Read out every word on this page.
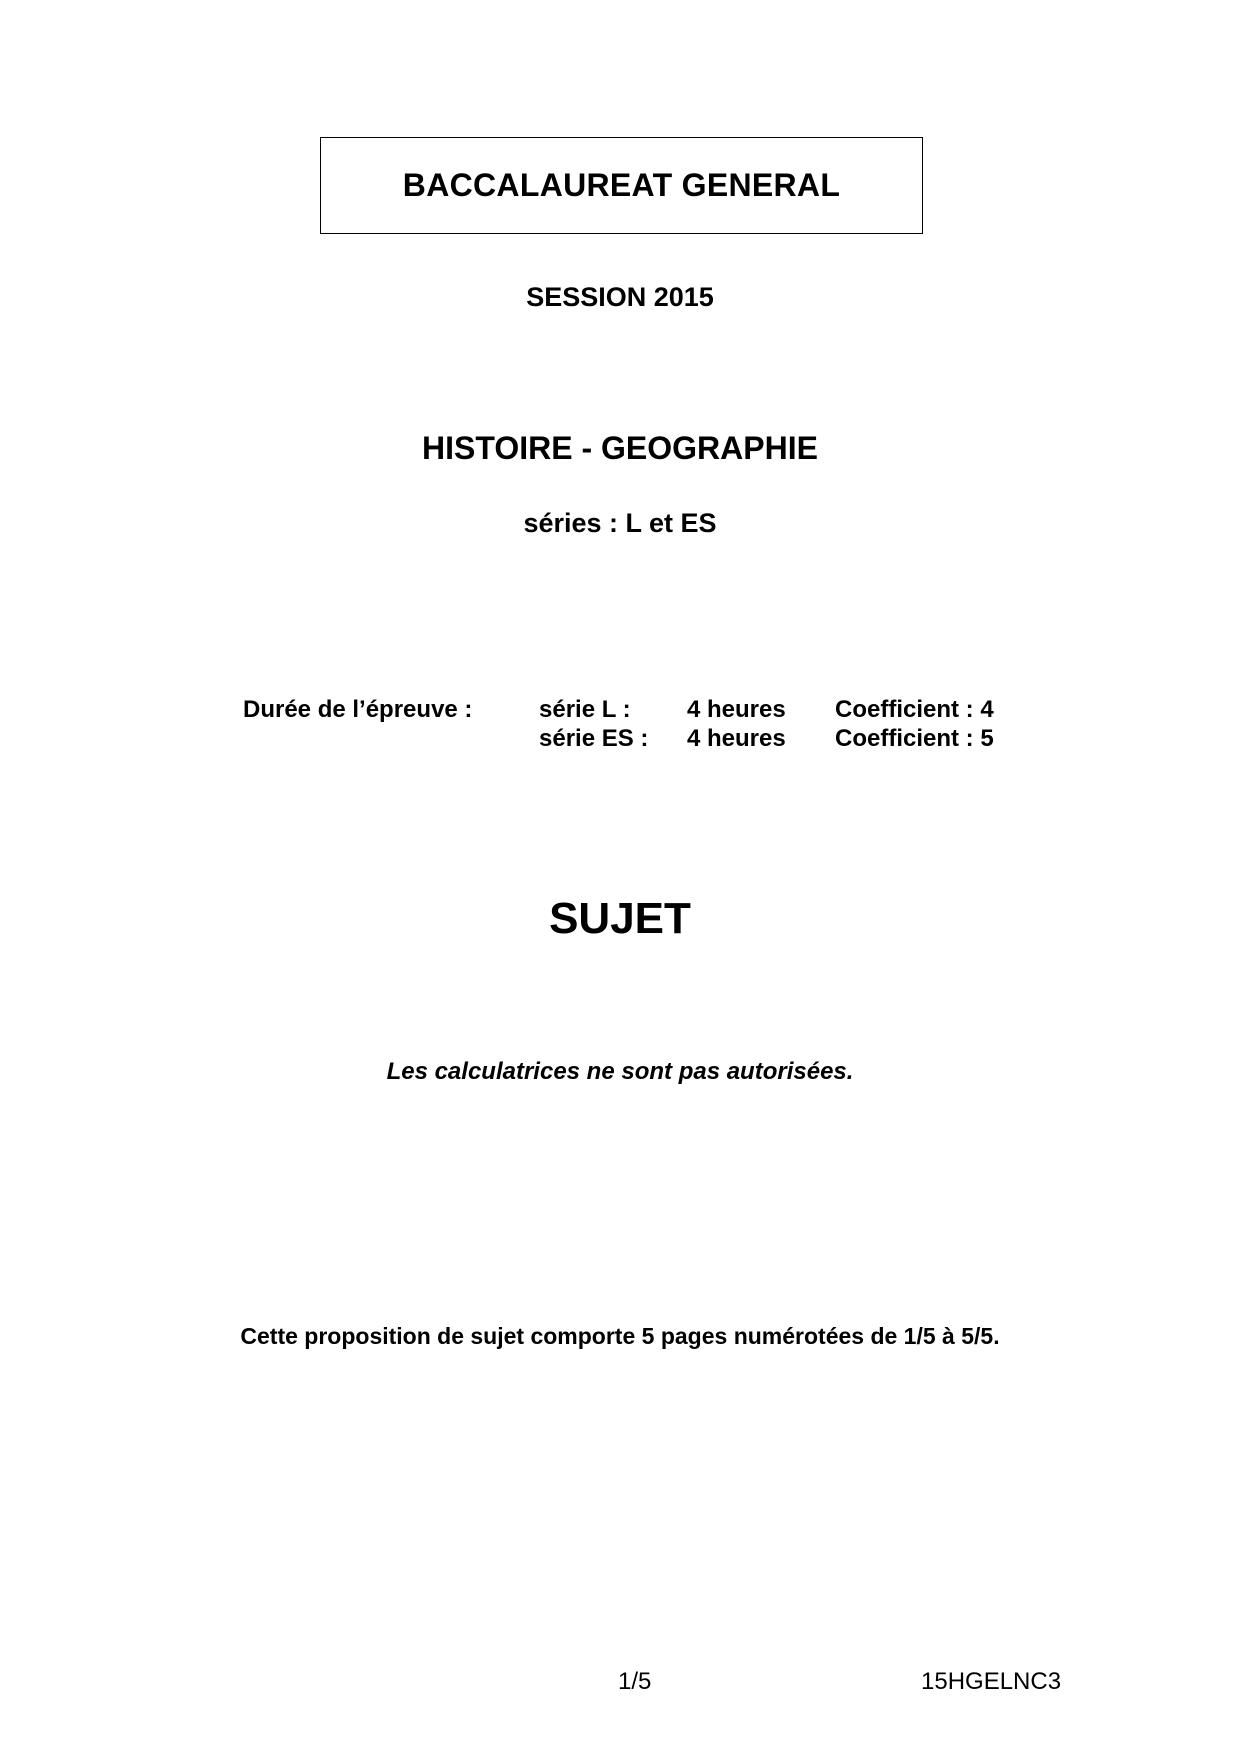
BACCALAUREAT GENERAL
SESSION 2015
HISTOIRE - GEOGRAPHIE
séries : L et ES
Durée de l’épreuve :	série L : 4 heures Coefficient : 4
série ES : 4 heures Coefficient : 5
SUJET
Les calculatrices ne sont pas autorisées.
Cette proposition de sujet comporte 5 pages numérotées de 1/5 à 5/5.
1/5	15HGELNC3
